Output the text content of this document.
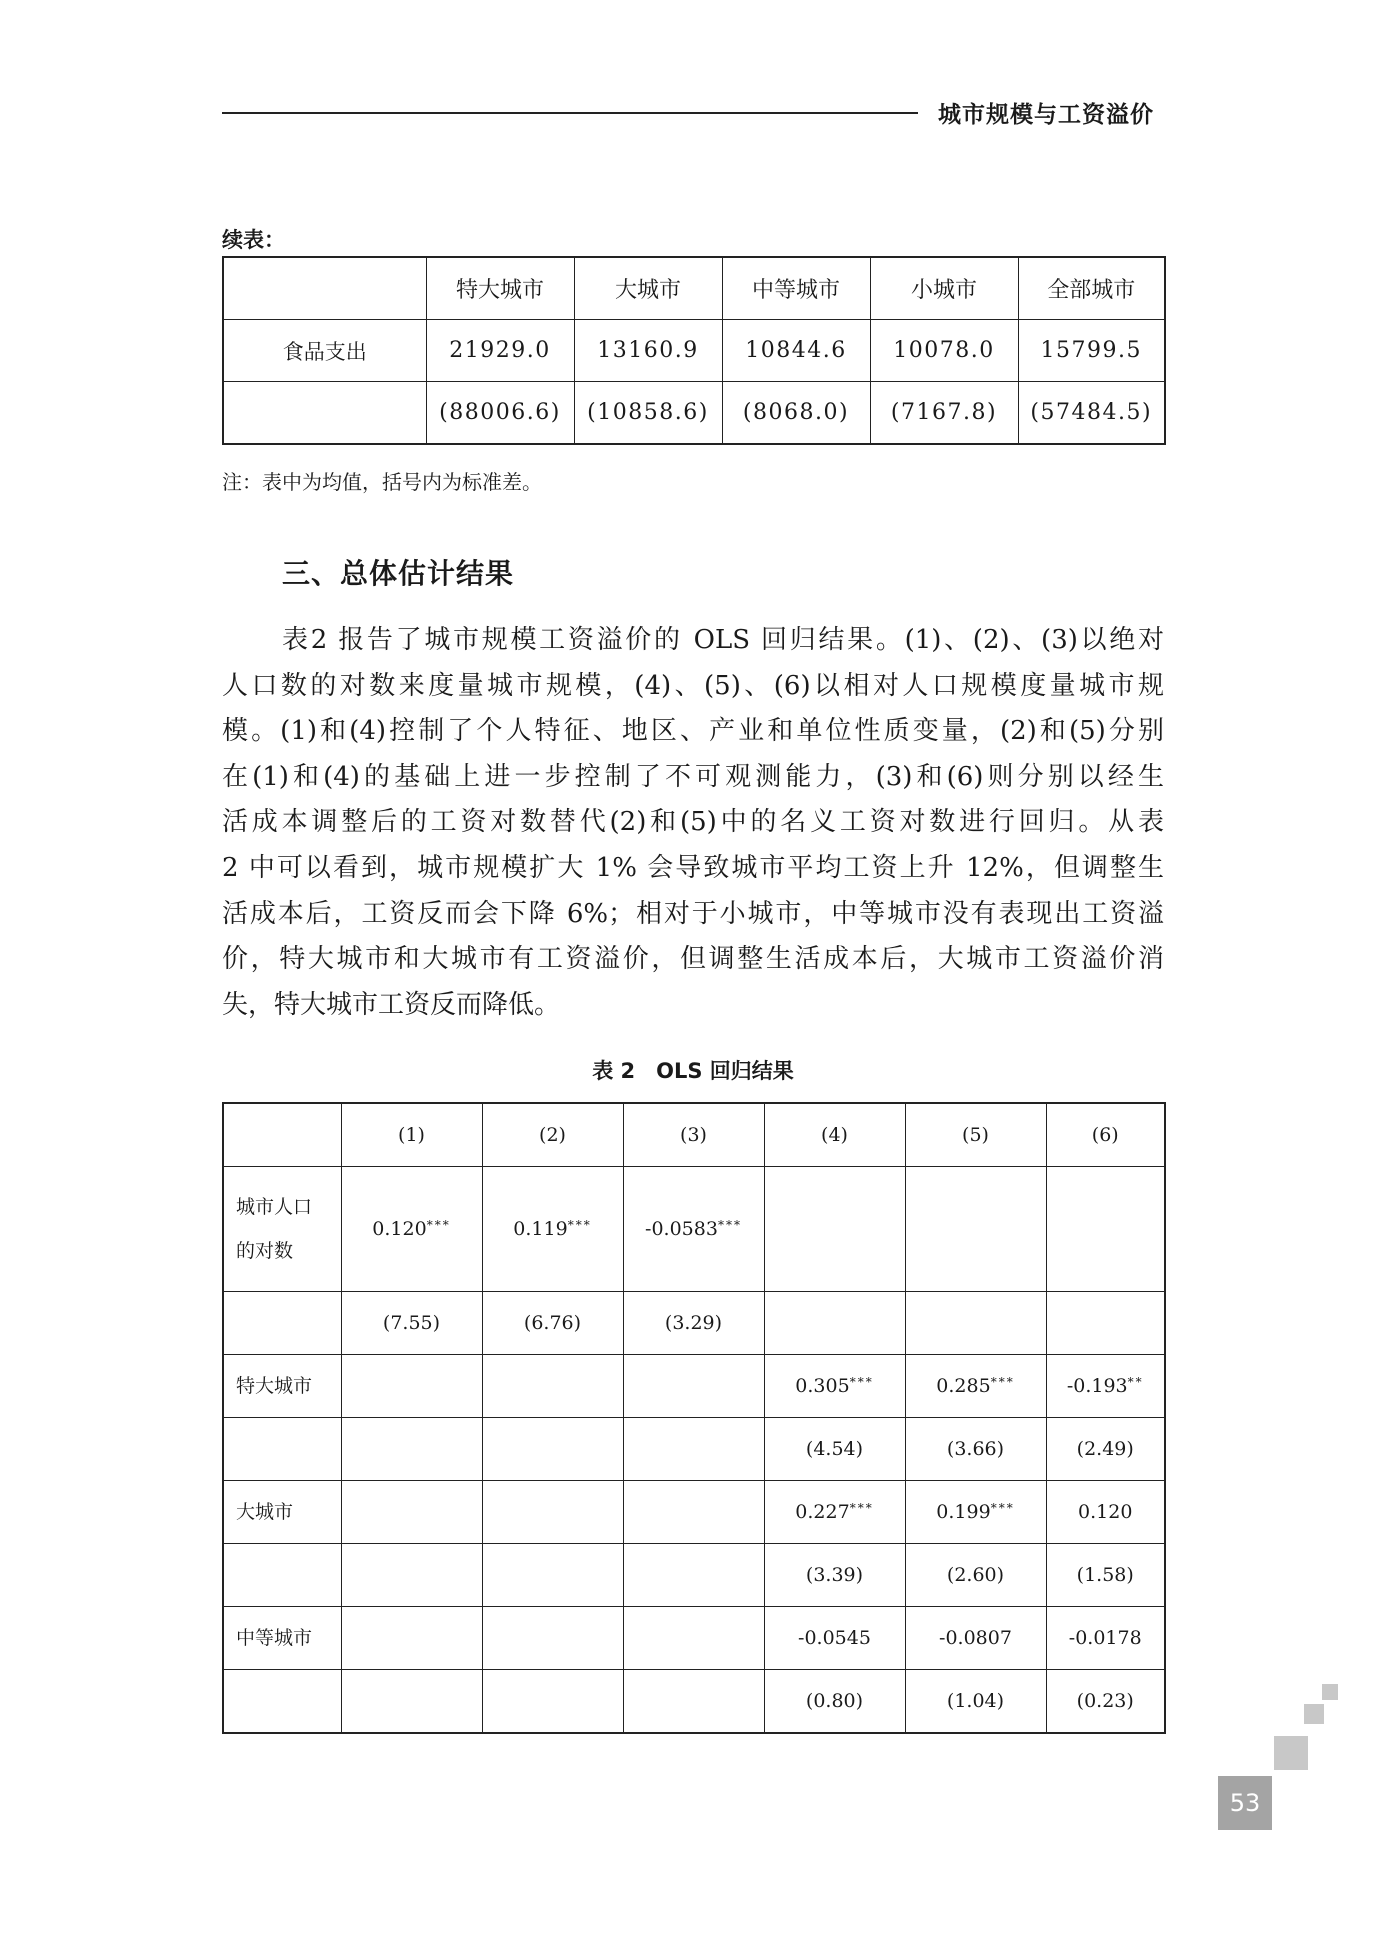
城市规模与工资溢价
续表：
	特大城市	大城市	中等城市	小城市	全部城市
食品支出	21929.0	13160.9	10844.6	10078.0	15799.5
	(88006.6)	(10858.6)	(8068.0)	(7167.8)	(57484.5)
注：表中为均值，括号内为标准差。
三、总体估计结果
表2 报告了城市规模工资溢价的 OLS 回归结果。(1)、(2)、(3)以绝对
人口数的对数来度量城市规模，(4)、(5)、(6)以相对人口规模度量城市规
模。(1)和(4)控制了个人特征、地区、产业和单位性质变量，(2)和(5)分别
在(1)和(4)的基础上进一步控制了不可观测能力，(3)和(6)则分别以经生
活成本调整后的工资对数替代(2)和(5)中的名义工资对数进行回归。从表
2 中可以看到，城市规模扩大 1% 会导致城市平均工资上升 12%，但调整生
活成本后，工资反而会下降 6%；相对于小城市，中等城市没有表现出工资溢
价，特大城市和大城市有工资溢价，但调整生活成本后，大城市工资溢价消
失，特大城市工资反而降低。
表 2　OLS 回归结果
	(1)	(2)	(3)	(4)	(5)	(6)

城市人口
的对数	0.120***	0.119***	-0.0583***			
	(7.55)	(6.76)	(3.29)			
特大城市				0.305***	0.285***	-0.193**
				(4.54)	(3.66)	(2.49)
大城市				0.227***	0.199***	0.120
				(3.39)	(2.60)	(1.58)
中等城市				-0.0545	-0.0807	-0.0178
				(0.80)	(1.04)	(0.23)
53
